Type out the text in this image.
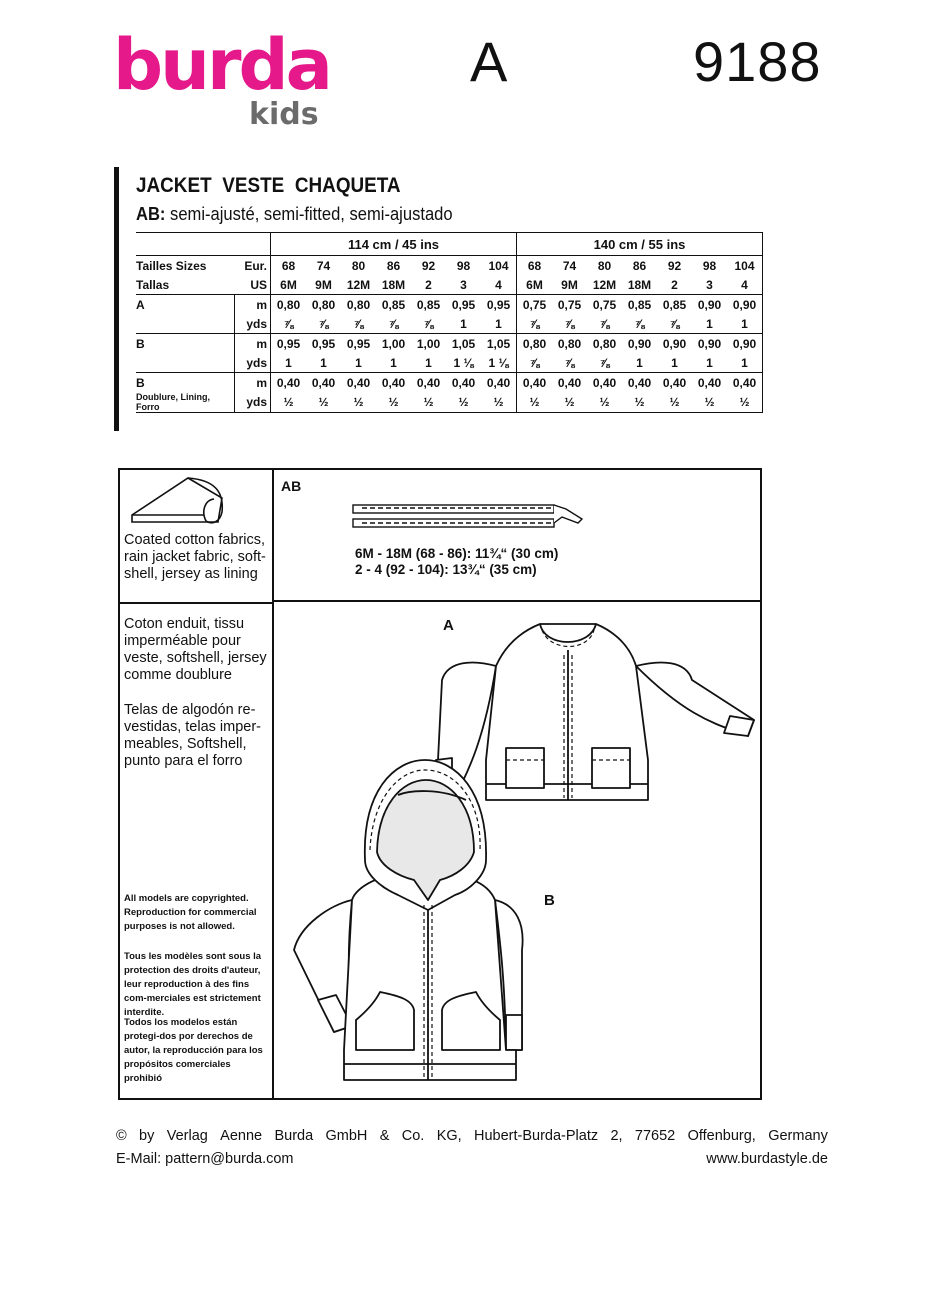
burda
kids
A	9188
JACKET VESTE CHAQUETA
AB: semi-ajusté, semi-fitted, semi-ajustado
		114 cm / 45 ins							140 cm / 55 ins						
Tailles Sizes	Eur.	68	74	80	86	92	98	104	68	74	80	86	92	98	104
Tallas	US	6M	9M	12M	18M	2	3	4	6M	9M	12M	18M	2	3	4
A	m	0,80	0,80	0,80	0,85	0,85	0,95	0,95	0,75	0,75	0,75	0,85	0,85	0,90	0,90
	yds	⅞	⅞	⅞	⅞	⅞	1	1	⅞	⅞	⅞	⅞	⅞	1	1
B	m	0,95	0,95	0,95	1,00	1,00	1,05	1,05	0,80	0,80	0,80	0,90	0,90	0,90	0,90
	yds	1	1	1	1	1	1 ⅛	1 ⅛	⅞	⅞	⅞	1	1	1	1
B	m	0,40	0,40	0,40	0,40	0,40	0,40	0,40	0,40	0,40	0,40	0,40	0,40	0,40	0,40
Doublure, Lining, Forro	yds	½	½	½	½	½	½	½	½	½	½	½	½	½	½
Coated cotton fabrics, rain jacket fabric, soft-shell, jersey as lining
Coton enduit, tissu imperméable pour veste, softshell, jersey comme doublure
Telas de algodón re-vestidas, telas imper-meables, Softshell, punto para el forro
All models are copyrighted. Reproduction for commercial purposes is not allowed.
Tous les modèles sont sous la protection des droits d'auteur, leur reproduction à des fins com-merciales est strictement interdite.
Todos los modelos están protegi-dos por derechos de autor, la reproducción para los propósitos comerciales prohibió
AB
6M - 18M (68 - 86): 11¾“ (30 cm)
2 - 4 (92 - 104): 13¾“ (35 cm)
A
B
© by Verlag Aenne Burda GmbH & Co. KG, Hubert-Burda-Platz 2, 77652 Offenburg, Germany
E-Mail: pattern@burda.com	www.burdastyle.de
